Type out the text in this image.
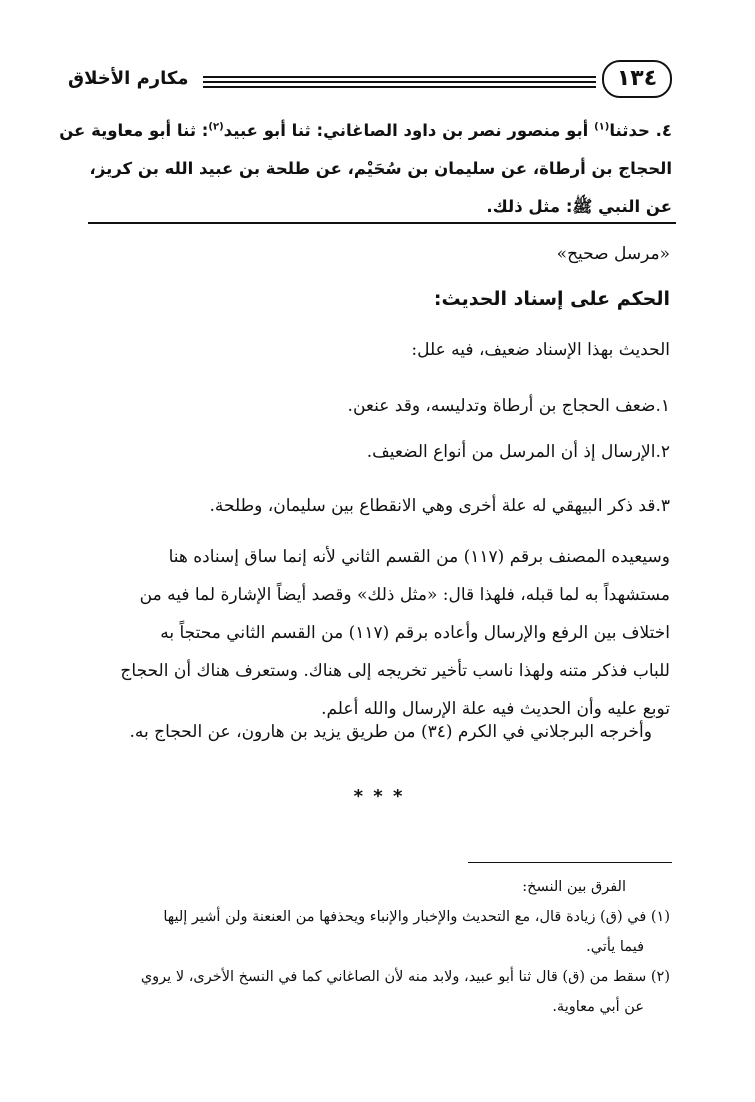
مكارم الأخلاق	١٣٤
٤. حدثنا$^{(١)}$ أبو منصور نصر بن داود الصاغاني: ثنا أبو عبيد$^{(٢)}$: ثنا أبو معاوية عن
الحجاج بن أرطاة، عن سليمان بن سُحَيْم، عن طلحة بن عبيد الله بن كريز،
عن النبي ﷺ: مثل ذلك.
«مرسل صحيح»
الحكم على إسناد الحديث:
الحديث بهذا الإسناد ضعيف، فيه علل:
١.ضعف الحجاج بن أرطاة وتدليسه، وقد عنعن.
٢.الإرسال إذ أن المرسل من أنواع الضعيف.
٣.قد ذكر البيهقي له علة أخرى وهي الانقطاع بين سليمان، وطلحة.
وسيعيده المصنف برقم (١١٧) من القسم الثاني لأنه إنما ساق إسناده هنا
مستشهداً به لما قبله، فلهذا قال: «مثل ذلك» وقصد أيضاً الإشارة لما فيه من
اختلاف بين الرفع والإرسال وأعاده برقم (١١٧) من القسم الثاني محتجاً به
للباب فذكر متنه ولهذا ناسب تأخير تخريجه إلى هناك. وستعرف هناك أن الحجاج
توبع عليه وأن الحديث فيه علة الإرسال والله أعلم.
وأخرجه البرجلاني في الكرم (٣٤) من طريق يزيد بن هارون، عن الحجاج به.
* * *
الفرق بين النسخ:
(١) في (ق) زيادة قال، مع التحديث والإخبار والإنباء ويحذفها من العنعنة ولن أشير إليها
فيما يأتي.
(٢) سقط من (ق) قال ثنا أبو عبيد، ولابد منه لأن الصاغاني كما في النسخ الأخرى، لا يروي
عن أبي معاوية.
